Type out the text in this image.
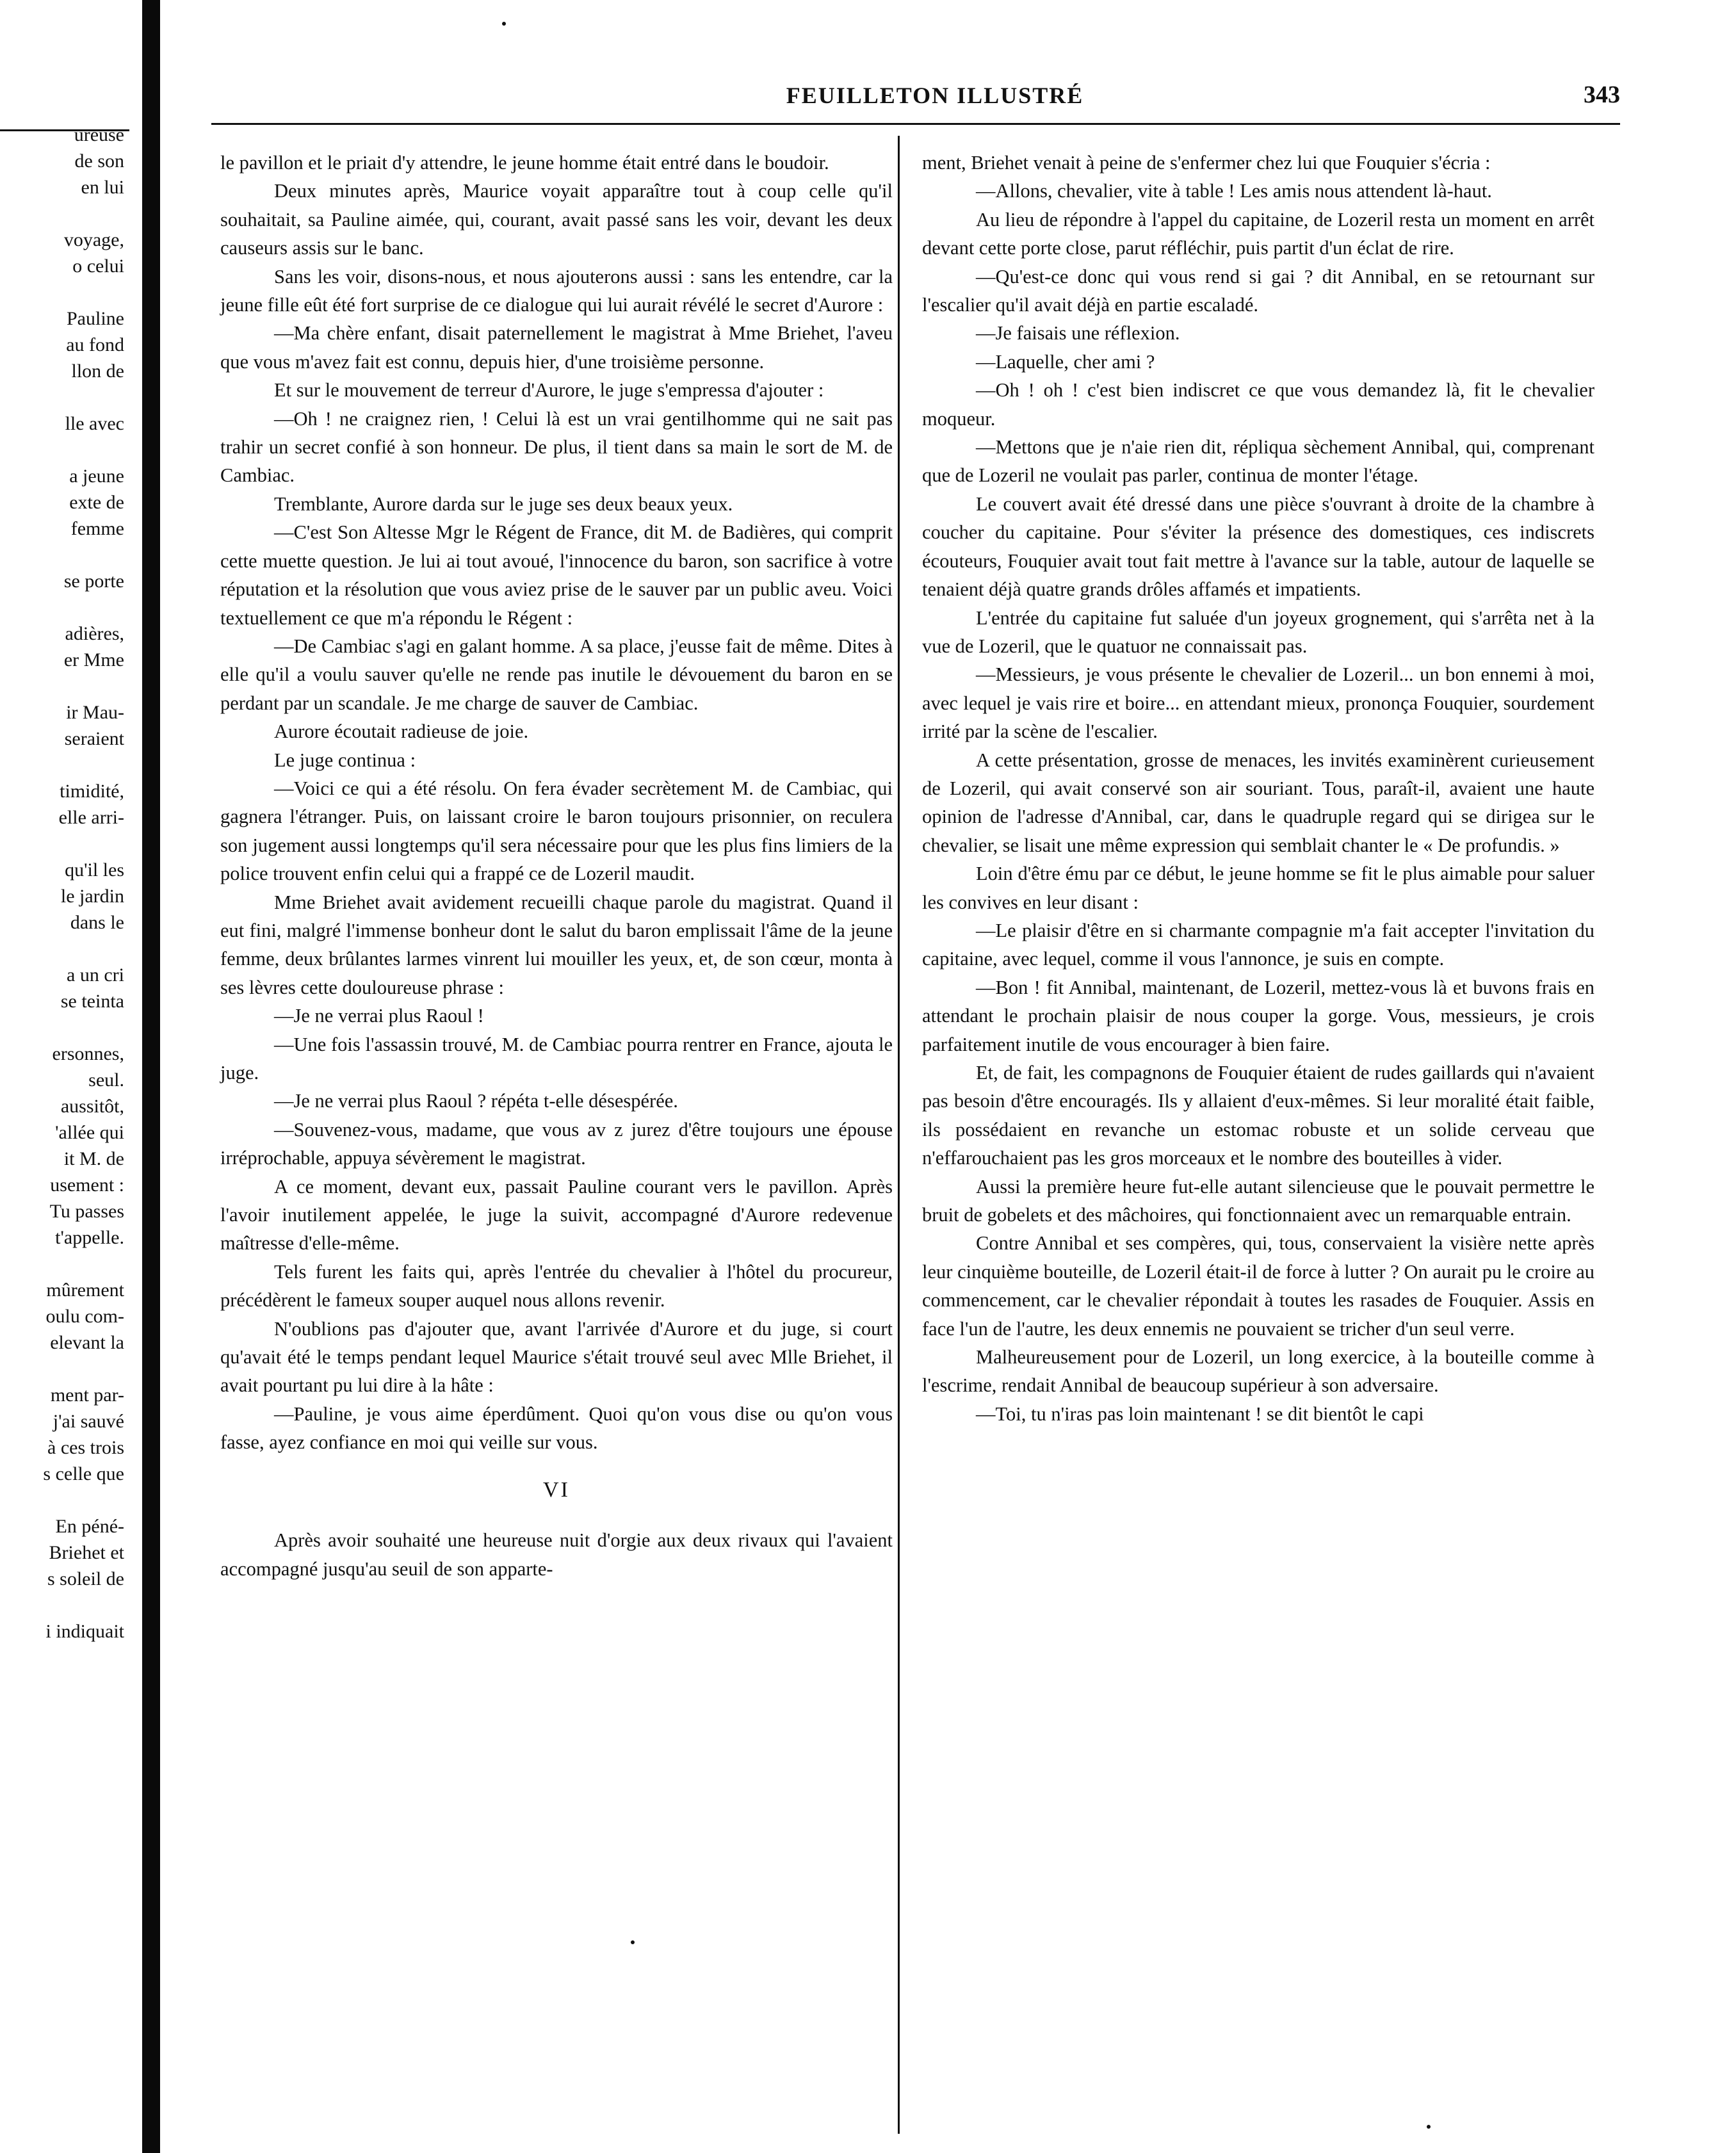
ureuse
de son
en lui
voyage,
o celui
Pauline
au fond
llon de
lle avec
a jeune
exte de
femme
se porte
adières,
er Mme
ir Mau-
seraient
timidité,
elle arri-
qu'il les
le jardin
dans le
a un cri
se teinta
ersonnes,
seul.
aussitôt,
'allée qui
it M. de
usement :
Tu passes
t'appelle.
mûrement
oulu com-
elevant la
ment par-
j'ai sauvé
à ces trois
s celle que
En péné-
Briehet et
s soleil de
i indiquait
FEUILLETON ILLUSTRÉ	343

le pavillon et le priait d'y attendre, le jeune homme était entré dans le boudoir.

Deux minutes après, Maurice voyait apparaître tout à coup celle qu'il souhaitait, sa Pauline aimée, qui, courant, avait passé sans les voir, devant les deux causeurs assis sur le banc.

Sans les voir, disons-nous, et nous ajouterons aussi : sans les entendre, car la jeune fille eût été fort surprise de ce dialogue qui lui aurait révélé le secret d'Aurore :

—Ma chère enfant, disait paternellement le magistrat à Mme Briehet, l'aveu que vous m'avez fait est connu, depuis hier, d'une troisième personne.

Et sur le mouvement de terreur d'Aurore, le juge s'empressa d'ajouter :

—Oh ! ne craignez rien, ! Celui là est un vrai gentilhomme qui ne sait pas trahir un secret confié à son honneur. De plus, il tient dans sa main le sort de M. de Cambiac.

Tremblante, Aurore darda sur le juge ses deux beaux yeux.

—C'est Son Altesse Mgr le Régent de France, dit M. de Badières, qui comprit cette muette question. Je lui ai tout avoué, l'innocence du baron, son sacrifice à votre réputation et la résolution que vous aviez prise de le sauver par un public aveu. Voici textuellement ce que m'a répondu le Régent :

—De Cambiac s'agi en galant homme. A sa place, j'eusse fait de même. Dites à elle qu'il a voulu sauver qu'elle ne rende pas inutile le dévouement du baron en se perdant par un scandale. Je me charge de sauver de Cambiac.

Aurore écoutait radieuse de joie.

Le juge continua :

—Voici ce qui a été résolu. On fera évader secrètement M. de Cambiac, qui gagnera l'étranger. Puis, on laissant croire le baron toujours prisonnier, on reculera son jugement aussi longtemps qu'il sera nécessaire pour que les plus fins limiers de la police trouvent enfin celui qui a frappé ce de Lozeril maudit.

Mme Briehet avait avidement recueilli chaque parole du magistrat. Quand il eut fini, malgré l'immense bonheur dont le salut du baron emplissait l'âme de la jeune femme, deux brûlantes larmes vinrent lui mouiller les yeux, et, de son cœur, monta à ses lèvres cette douloureuse phrase :

—Je ne verrai plus Raoul !

—Une fois l'assassin trouvé, M. de Cambiac pourra rentrer en France, ajouta le juge.

—Je ne verrai plus Raoul ? répéta t-elle désespérée.

—Souvenez-vous, madame, que vous av z jurez d'être toujours une épouse irréprochable, appuya sévèrement le magistrat.

A ce moment, devant eux, passait Pauline courant vers le pavillon. Après l'avoir inutilement appelée, le juge la suivit, accompagné d'Aurore redevenue maîtresse d'elle-même.

Tels furent les faits qui, après l'entrée du chevalier à l'hôtel du procureur, précédèrent le fameux souper auquel nous allons revenir.

N'oublions pas d'ajouter que, avant l'arrivée d'Aurore et du juge, si court qu'avait été le temps pendant lequel Maurice s'était trouvé seul avec Mlle Briehet, il avait pourtant pu lui dire à la hâte :

—Pauline, je vous aime éperdûment. Quoi qu'on vous dise ou qu'on vous fasse, ayez confiance en moi qui veille sur vous.

VI

Après avoir souhaité une heureuse nuit d'orgie aux deux rivaux qui l'avaient accompagné jusqu'au seuil de son apparte-

ment, Briehet venait à peine de s'enfermer chez lui que Fouquier s'écria :

—Allons, chevalier, vite à table ! Les amis nous attendent là-haut.

Au lieu de répondre à l'appel du capitaine, de Lozeril resta un moment en arrêt devant cette porte close, parut réfléchir, puis partit d'un éclat de rire.

—Qu'est-ce donc qui vous rend si gai ? dit Annibal, en se retournant sur l'escalier qu'il avait déjà en partie escaladé.

—Je faisais une réflexion.

—Laquelle, cher ami ?

—Oh ! oh ! c'est bien indiscret ce que vous demandez là, fit le chevalier moqueur.

—Mettons que je n'aie rien dit, répliqua sèchement Annibal, qui, comprenant que de Lozeril ne voulait pas parler, continua de monter l'étage.

Le couvert avait été dressé dans une pièce s'ouvrant à droite de la chambre à coucher du capitaine. Pour s'éviter la présence des domestiques, ces indiscrets écouteurs, Fouquier avait tout fait mettre à l'avance sur la table, autour de laquelle se tenaient déjà quatre grands drôles affamés et impatients.

L'entrée du capitaine fut saluée d'un joyeux grognement, qui s'arrêta net à la vue de Lozeril, que le quatuor ne connaissait pas.

—Messieurs, je vous présente le chevalier de Lozeril... un bon ennemi à moi, avec lequel je vais rire et boire... en attendant mieux, prononça Fouquier, sourdement irrité par la scène de l'escalier.

A cette présentation, grosse de menaces, les invités examinèrent curieusement de Lozeril, qui avait conservé son air souriant. Tous, paraît-il, avaient une haute opinion de l'adresse d'Annibal, car, dans le quadruple regard qui se dirigea sur le chevalier, se lisait une même expression qui semblait chanter le « De profundis. »

Loin d'être ému par ce début, le jeune homme se fit le plus aimable pour saluer les convives en leur disant :

—Le plaisir d'être en si charmante compagnie m'a fait accepter l'invitation du capitaine, avec lequel, comme il vous l'annonce, je suis en compte.

—Bon ! fit Annibal, maintenant, de Lozeril, mettez-vous là et buvons frais en attendant le prochain plaisir de nous couper la gorge. Vous, messieurs, je crois parfaitement inutile de vous encourager à bien faire.

Et, de fait, les compagnons de Fouquier étaient de rudes gaillards qui n'avaient pas besoin d'être encouragés. Ils y allaient d'eux-mêmes. Si leur moralité était faible, ils possédaient en revanche un estomac robuste et un solide cerveau que n'effarouchaient pas les gros morceaux et le nombre des bouteilles à vider.

Aussi la première heure fut-elle autant silencieuse que le pouvait permettre le bruit de gobelets et des mâchoires, qui fonctionnaient avec un remarquable entrain.

Contre Annibal et ses compères, qui, tous, conservaient la visière nette après leur cinquième bouteille, de Lozeril était-il de force à lutter ? On aurait pu le croire au commencement, car le chevalier répondait à toutes les rasades de Fouquier. Assis en face l'un de l'autre, les deux ennemis ne pouvaient se tricher d'un seul verre.

Malheureusement pour de Lozeril, un long exercice, à la bouteille comme à l'escrime, rendait Annibal de beaucoup supérieur à son adversaire.

—Toi, tu n'iras pas loin maintenant ! se dit bientôt le capi
